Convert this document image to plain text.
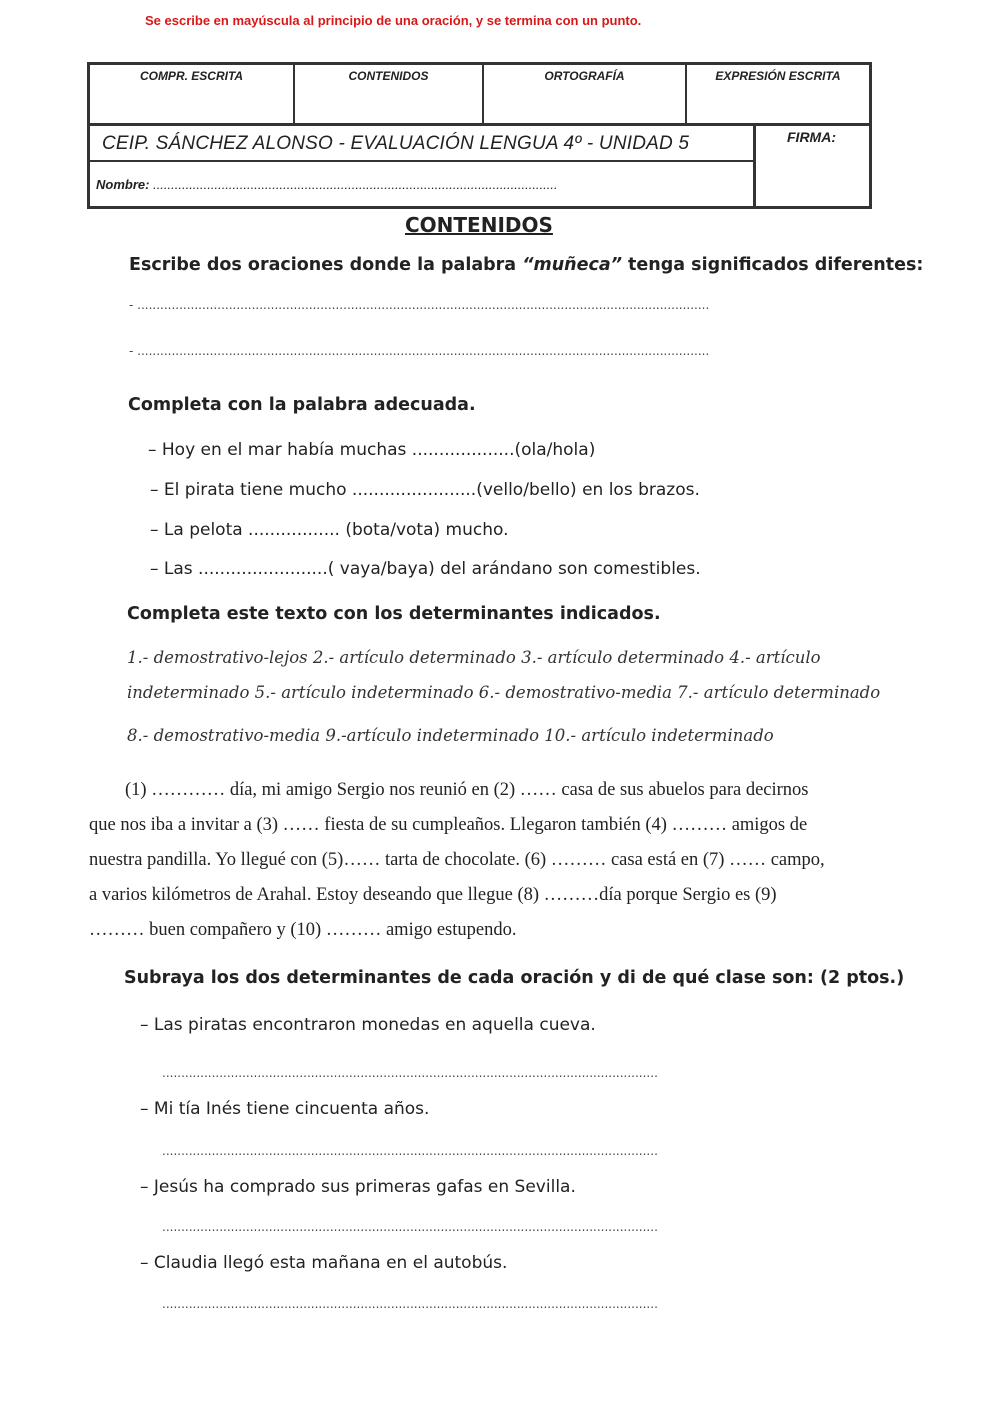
Se escribe en mayúscula al principio de una oración, y se termina con un punto.
COMPR. ESCRITA	CONTENIDOS	ORTOGRAFÍA	EXPRESIÓN ESCRITA
CEIP. SÁNCHEZ ALONSO - EVALUACIÓN LENGUA 4º - UNIDAD 5	FIRMA:
Nombre: ................................................................................................................
CONTENIDOS
Escribe dos oraciones donde la palabra “muñeca” tenga significados diferentes:
- ......................................................................................................................................................
- ......................................................................................................................................................
Completa con la palabra adecuada.
– Hoy en el mar había muchas ...................(ola/hola)
– El pirata tiene mucho .......................(vello/bello) en los brazos.
– La pelota ................. (bota/vota) mucho.
– Las ........................( vaya/baya) del arándano son comestibles.
Completa este texto con los determinantes indicados.
1.- demostrativo-lejos 2.- artículo determinado 3.- artículo determinado 4.- artículo
indeterminado 5.- artículo indeterminado 6.- demostrativo-media 7.- artículo determinado
8.- demostrativo-media 9.-artículo indeterminado 10.- artículo indeterminado
(1) ………… día, mi amigo Sergio nos reunió en (2) …… casa de sus abuelos para decirnos
que nos iba a invitar a (3) …… fiesta de su cumpleaños. Llegaron también (4) ……… amigos de
nuestra pandilla. Yo llegué con (5)…… tarta de chocolate. (6) ……… casa está en (7) …… campo,
a varios kilómetros de Arahal. Estoy deseando que llegue (8) ………día porque Sergio es (9)
……… buen compañero y (10) ……… amigo estupendo.
Subraya los dos determinantes de cada oración y di de qué clase son: (2 ptos.)
– Las piratas encontraron monedas en aquella cueva.
..................................................................................................................................
– Mi tía Inés tiene cincuenta años.
..................................................................................................................................
– Jesús ha comprado sus primeras gafas en Sevilla.
..................................................................................................................................
– Claudia llegó esta mañana en el autobús.
..................................................................................................................................
